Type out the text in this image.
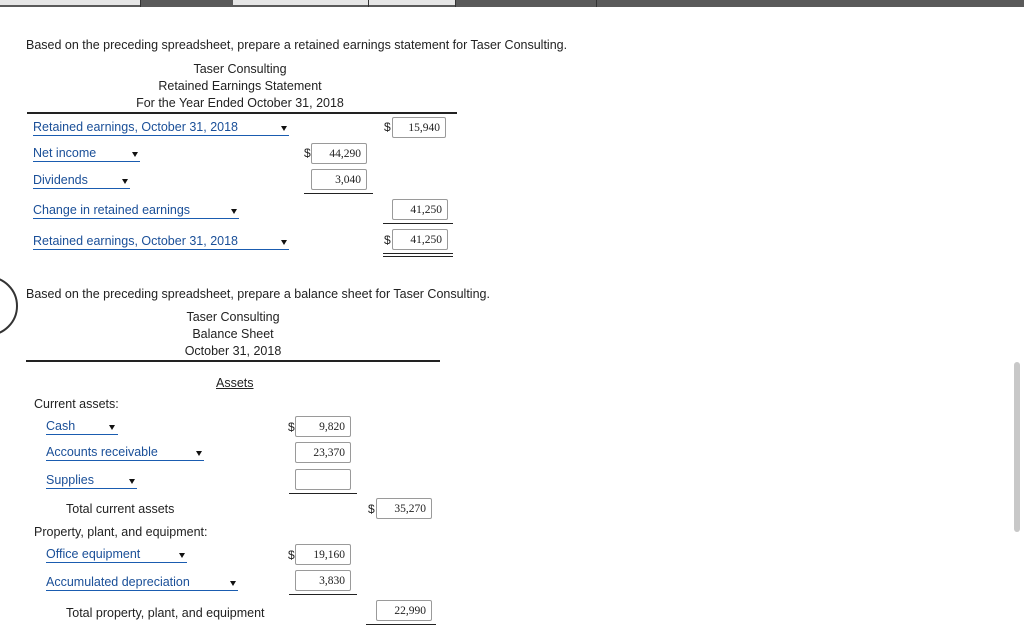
Based on the preceding spreadsheet, prepare a retained earnings statement for Taser Consulting.
Taser Consulting
Retained Earnings Statement
For the Year Ended October 31, 2018
Retained earnings, October 31, 2018	$	15,940
Net income	$	44,290
Dividends	3,040
Change in retained earnings	41,250
Retained earnings, October 31, 2018	$	41,250
Based on the preceding spreadsheet, prepare a balance sheet for Taser Consulting.
Taser Consulting
Balance Sheet
October 31, 2018
Assets
Current assets:
Cash	$	9,820
Accounts receivable	23,370
Supplies
Total current assets	$	35,270
Property, plant, and equipment:
Office equipment	$	19,160
Accumulated depreciation	3,830
Total property, plant, and equipment	22,990
